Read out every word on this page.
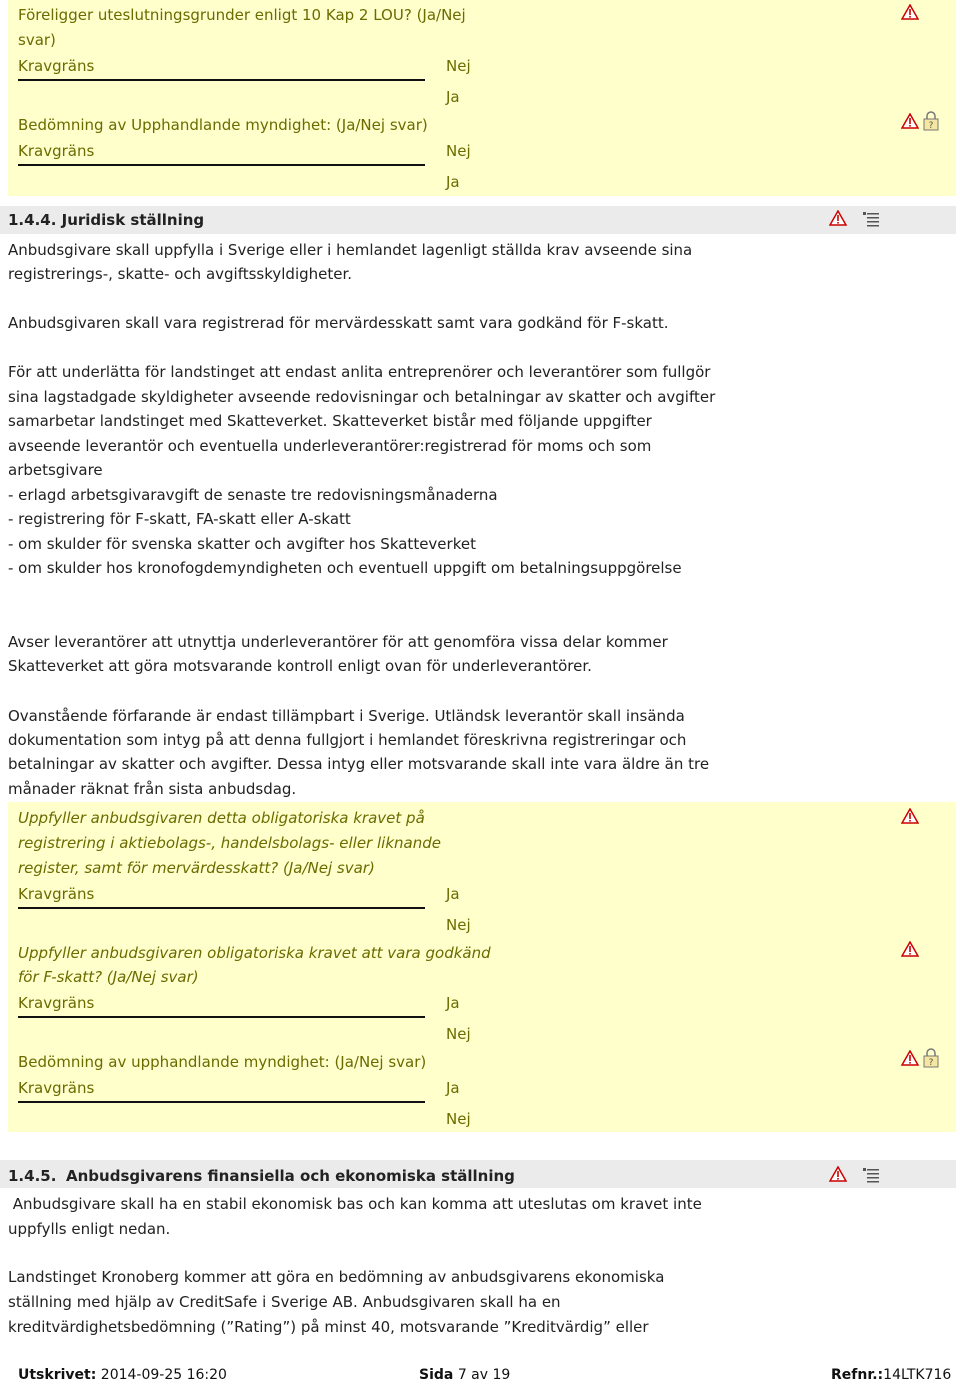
Föreligger uteslutningsgrunder enligt 10 Kap 2 LOU? (Ja/Nej
svar)
Kravgräns	Nej
Ja
Bedömning av Upphandlande myndighet: (Ja/Nej svar)
Kravgräns	Nej
Ja
?
1.4.4. Juridisk ställning
Anbudsgivare skall uppfylla i Sverige eller i hemlandet lagenligt ställda krav avseende sina
registrerings-, skatte- och avgiftsskyldigheter.
Anbudsgivaren skall vara registrerad för mervärdesskatt samt vara godkänd för F-skatt.
För att underlätta för landstinget att endast anlita entreprenörer och leverantörer som fullgör
sina lagstadgade skyldigheter avseende redovisningar och betalningar av skatter och avgifter
samarbetar landstinget med Skatteverket. Skatteverket bistår med följande uppgifter
avseende leverantör och eventuella underleverantörer:registrerad för moms och som
arbetsgivare
- erlagd arbetsgivaravgift de senaste tre redovisningsmånaderna
- registrering för F-skatt, FA-skatt eller A-skatt
- om skulder för svenska skatter och avgifter hos Skatteverket
- om skulder hos kronofogdemyndigheten och eventuell uppgift om betalningsuppgörelse
Avser leverantörer att utnyttja underleverantörer för att genomföra vissa delar kommer
Skatteverket att göra motsvarande kontroll enligt ovan för underleverantörer.
Ovanstående förfarande är endast tillämpbart i Sverige. Utländsk leverantör skall insända
dokumentation som intyg på att denna fullgjort i hemlandet föreskrivna registreringar och
betalningar av skatter och avgifter. Dessa intyg eller motsvarande skall inte vara äldre än tre
månader räknat från sista anbudsdag.
Uppfyller anbudsgivaren detta obligatoriska kravet på
registrering i aktiebolags-, handelsbolags- eller liknande
register, samt för mervärdesskatt? (Ja/Nej svar)
Kravgräns	Ja
Nej
Uppfyller anbudsgivaren obligatoriska kravet att vara godkänd
för F-skatt? (Ja/Nej svar)
Kravgräns	Ja
Nej
Bedömning av upphandlande myndighet: (Ja/Nej svar)
Kravgräns	Ja
Nej
?
1.4.5. Anbudsgivarens finansiella och ekonomiska ställning
Anbudsgivare skall ha en stabil ekonomisk bas och kan komma att uteslutas om kravet inte
uppfylls enligt nedan.
Landstinget Kronoberg kommer att göra en bedömning av anbudsgivarens ekonomiska
ställning med hjälp av CreditSafe i Sverige AB. Anbudsgivaren skall ha en
kreditvärdighetsbedömning (”Rating”) på minst 40, motsvarande ”Kreditvärdig” eller
Utskrivet: 2014-09-25 16:20	Sida 7 av 19	Refnr.:14LTK716
